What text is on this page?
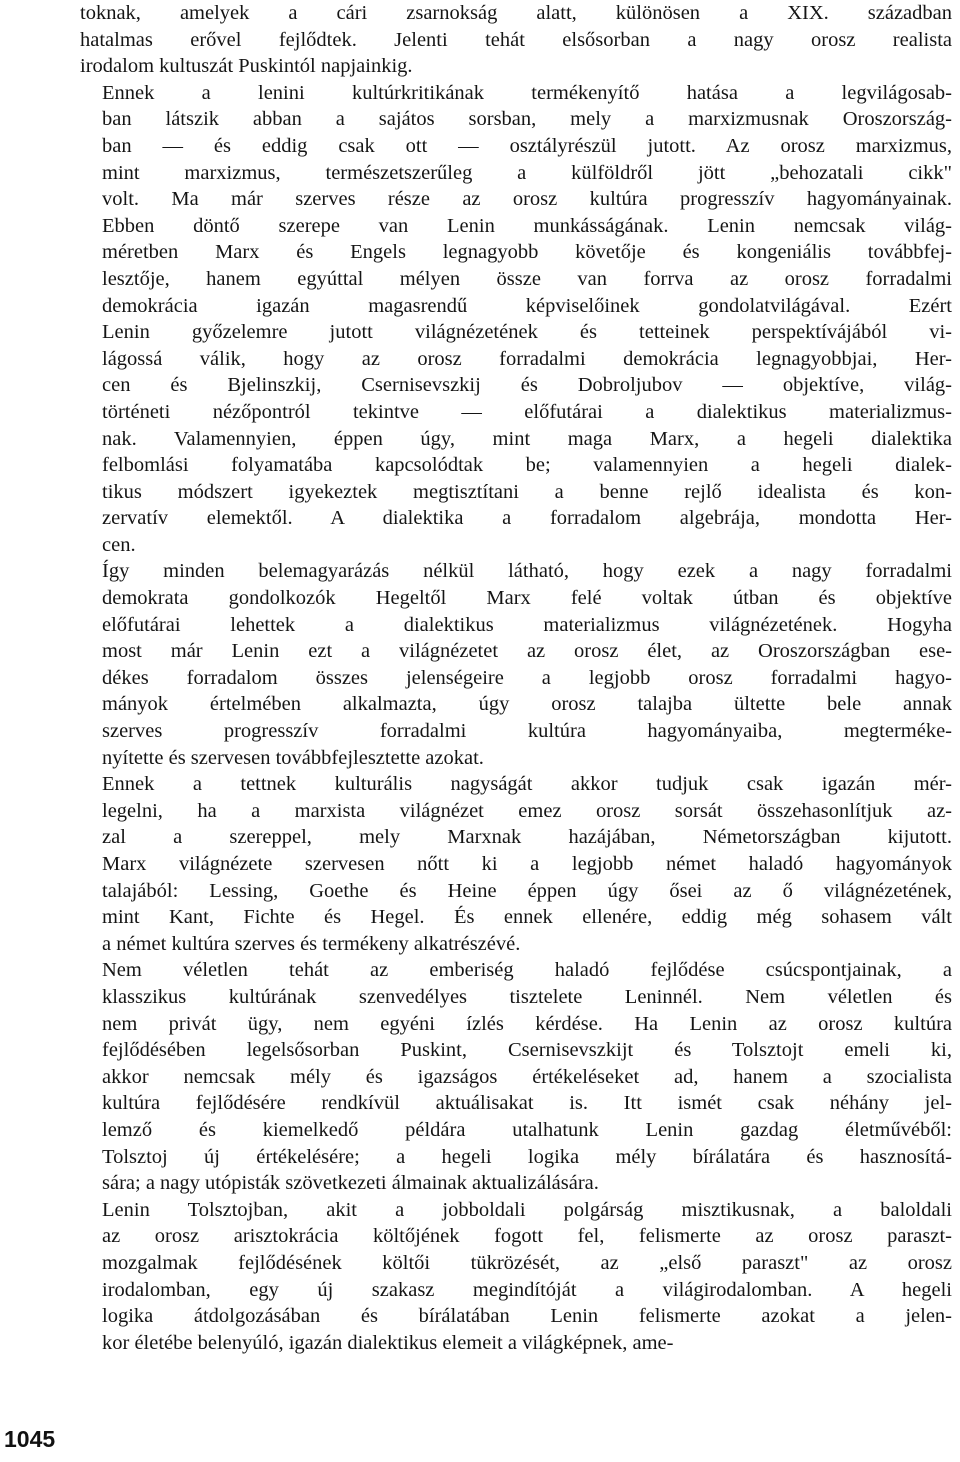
toknak, amelyek a cári zsarnokság alatt, különösen a XIX. században
hatalmas erővel fejlődtek. Jelenti tehát elsősorban a nagy orosz realista
irodalom kultuszát Puskintól napjainkig.

Ennek a lenini kultúrkritikának termékenyítő hatása a legvilágosab-
ban látszik abban a sajátos sorsban, mely a marxizmusnak Oroszország-
ban — és eddig csak ott — osztályrészül jutott. Az orosz marxizmus,
mint marxizmus, természetszerűleg a külföldről jött „behozatali cikk"
volt. Ma már szerves része az orosz kultúra progresszív hagyományainak.
Ebben döntő szerepe van Lenin munkásságának. Lenin nemcsak világ-
méretben Marx és Engels legnagyobb követője és kongeniális továbbfej-
lesztője, hanem egyúttal mélyen össze van forrva az orosz forradalmi
demokrácia igazán magasrendű képviselőinek gondolatvilágával. Ezért
Lenin győzelemre jutott világnézetének és tetteinek perspektívájából vi-
lágossá válik, hogy az orosz forradalmi demokrácia legnagyobbjai, Her-
cen és Bjelinszkij, Csernisevszkij és Dobroljubov — objektíve, világ-
történeti nézőpontról tekintve — előfutárai a dialektikus materializmus-
nak. Valamennyien, éppen úgy, mint maga Marx, a hegeli dialektika
felbomlási folyamatába kapcsolódtak be; valamennyien a hegeli dialek-
tikus módszert igyekeztek megtisztítani a benne rejlő idealista és kon-
zervatív elemektől. A dialektika a forradalom algebrája, mondotta Her-
cen.

Így minden belemagyarázás nélkül látható, hogy ezek a nagy forradalmi
demokrata gondolkozók Hegeltől Marx felé voltak útban és objektíve
előfutárai lehettek a dialektikus materializmus világnézetének. Hogyha
most már Lenin ezt a világnézetet az orosz élet, az Oroszországban ese-
dékes forradalom összes jelenségeire a legjobb orosz forradalmi hagyo-
mányok értelmében alkalmazta, úgy orosz talajba ültette bele annak
szerves progresszív forradalmi kultúra hagyományaiba, megterméke-
nyítette és szervesen továbbfejlesztette azokat.

Ennek a tettnek kulturális nagyságát akkor tudjuk csak igazán mér-
legelni, ha a marxista világnézet emez orosz sorsát összehasonlítjuk az-
zal a szereppel, mely Marxnak hazájában, Németországban kijutott.
Marx világnézete szervesen nőtt ki a legjobb német haladó hagyományok
talajából: Lessing, Goethe és Heine éppen úgy ősei az ő világnézetének,
mint Kant, Fichte és Hegel. És ennek ellenére, eddig még sohasem vált
a német kultúra szerves és termékeny alkatrészévé.

Nem véletlen tehát az emberiség haladó fejlődése csúcspontjainak, a
klasszikus kultúrának szenvedélyes tisztelete Leninnél. Nem véletlen és
nem privát ügy, nem egyéni ízlés kérdése. Ha Lenin az orosz kultúra
fejlődésében legelsősorban Puskint, Csernisevszkijt és Tolsztojt emeli ki,
akkor nemcsak mély és igazságos értékeléseket ad, hanem a szocialista
kultúra fejlődésére rendkívül aktuálisakat is. Itt ismét csak néhány jel-
lemző és kiemelkedő példára utalhatunk Lenin gazdag életművéből:
Tolsztoj új értékelésére; a hegeli logika mély bírálatára és hasznosítá-
sára; a nagy utópisták szövetkezeti álmainak aktualizálására.

Lenin Tolsztojban, akit a jobboldali polgárság misztikusnak, a baloldali
az orosz arisztokrácia költőjének fogott fel, felismerte az orosz paraszt-
mozgalmak fejlődésének költői tükrözését, az „első paraszt" az orosz
irodalomban, egy új szakasz megindítóját a világirodalomban. A hegeli
logika átdolgozásában és bírálatában Lenin felismerte azokat a jelen-
kor életébe belenyúló, igazán dialektikus elemeit a világképnek, ame-

1045
